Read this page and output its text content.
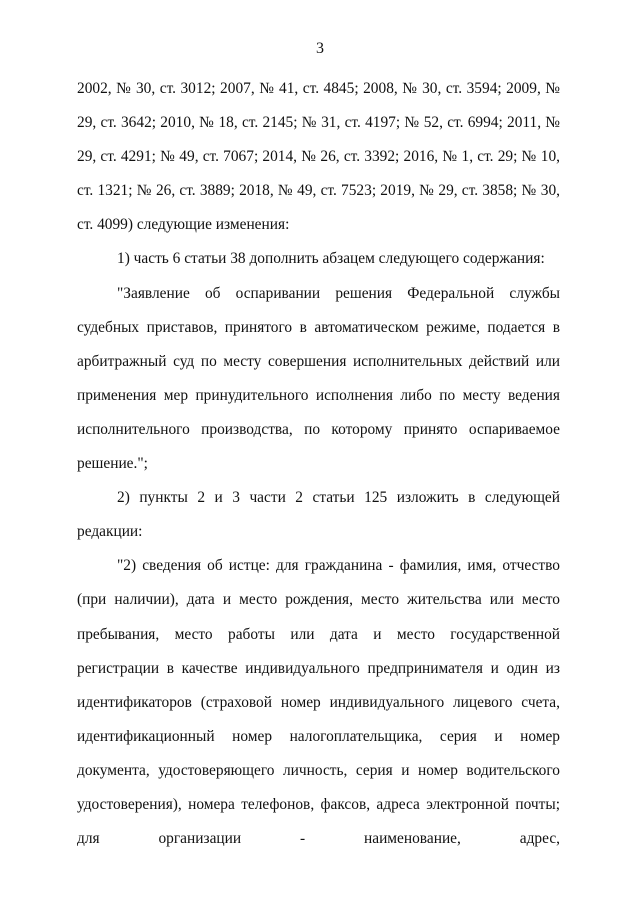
3

2002, № 30, ст. 3012; 2007, № 41, ст. 4845; 2008, № 30, ст. 3594; 2009, № 29, ст. 3642; 2010, № 18, ст. 2145; № 31, ст. 4197; № 52, ст. 6994; 2011, № 29, ст. 4291; № 49, ст. 7067; 2014, № 26, ст. 3392; 2016, № 1, ст. 29; № 10, ст. 1321; № 26, ст. 3889; 2018, № 49, ст. 7523; 2019, № 29, ст. 3858; № 30, ст. 4099) следующие изменения:

1) часть 6 статьи 38 дополнить абзацем следующего содержания:

"Заявление об оспаривании решения Федеральной службы судебных приставов, принятого в автоматическом режиме, подается в арбитражный суд по месту совершения исполнительных действий или применения мер принудительного исполнения либо по месту ведения исполнительного производства, по которому принято оспариваемое решение.";

2) пункты 2 и 3 части 2 статьи 125 изложить в следующей редакции:

"2) сведения об истце: для гражданина - фамилия, имя, отчество (при наличии), дата и место рождения, место жительства или место пребывания, место работы или дата и место государственной регистрации в качестве индивидуального предпринимателя и один из идентификаторов (страховой номер индивидуального лицевого счета, идентификационный номер налогоплательщика, серия и номер документа, удостоверяющего личность, серия и номер водительского удостоверения), номера телефонов, факсов, адреса электронной почты; для организации - наименование, адрес,
